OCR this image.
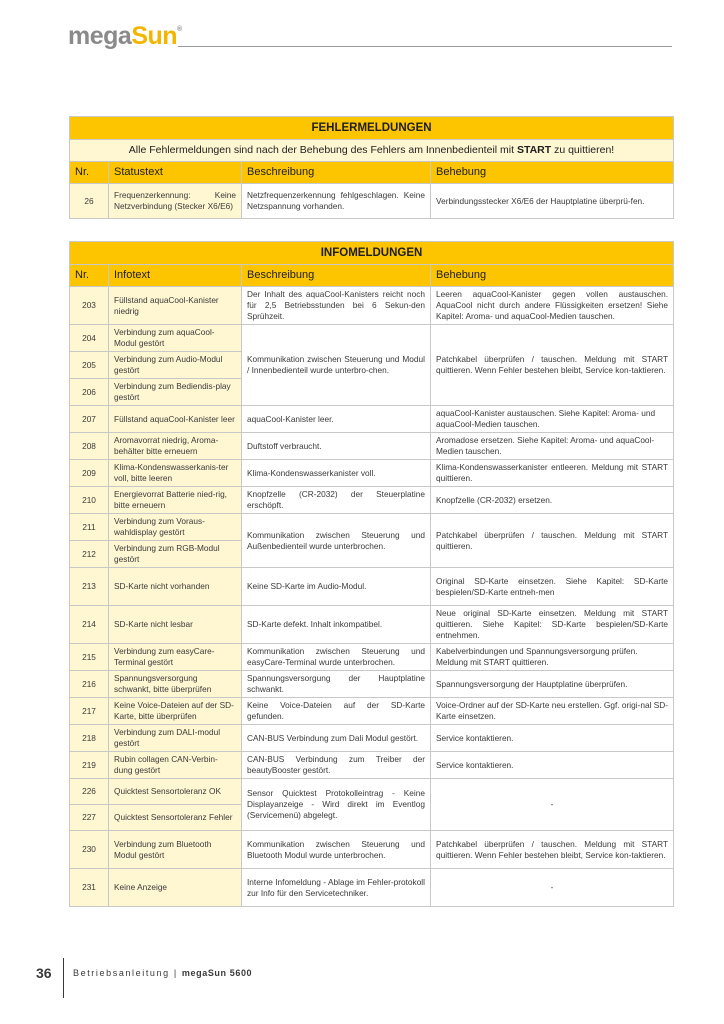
megaSun®
FEHLERMELDUNGEN			
Alle Fehlermeldungen sind nach der Behebung des Fehlers am Innenbedienteil mit START zu quittieren!			
Nr.	Statustext	Beschreibung	Behebung
26	Frequenzerkennung: Keine Netzverbindung (Stecker X6/E6)	Netzfrequenzerkennung fehlgeschlagen. Keine Netzspannung vorhanden.	Verbindungsstecker X6/E6 der Hauptplatine überprü-fen.
INFOMELDUNGEN			
Nr.	Infotext	Beschreibung	Behebung
203	Füllstand aquaCool-Kanister niedrig	Der Inhalt des aquaCool-Kanisters reicht noch für 2,5 Betriebsstunden bei 6 Sekun-den Sprühzeit.	Leeren aquaCool-Kanister gegen vollen austauschen. AquaCool nicht durch andere Flüssigkeiten ersetzen! Siehe Kapitel: Aroma- und aquaCool-Medien tauschen.
204	Verbindung zum aquaCool-Modul gestört	Kommunikation zwischen Steuerung und Modul / Innenbedienteil wurde unterbro-chen.	Patchkabel überprüfen / tauschen. Meldung mit START quittieren. Wenn Fehler bestehen bleibt, Service kon-taktieren.
205	Verbindung zum Audio-Modul gestört		
206	Verbindung zum Bediendis-play gestört		
207	Füllstand aquaCool-Kanister leer	aquaCool-Kanister leer.	aquaCool-Kanister austauschen. Siehe Kapitel: Aroma- und aquaCool-Medien tauschen.
208	Aromavorrat niedrig, Aroma-behälter bitte erneuern	Duftstoff verbraucht.	Aromadose ersetzen. Siehe Kapitel: Aroma- und aquaCool-Medien tauschen.
209	Klima-Kondenswasserkanis-ter voll, bitte leeren	Klima-Kondenswasserkanister voll.	Klima-Kondenswasserkanister entleeren. Meldung mit START quittieren.
210	Energievorrat Batterie nied-rig, bitte erneuern	Knopfzelle (CR-2032) der Steuerplatine erschöpft.	Knopfzelle (CR-2032) ersetzen.
211	Verbindung zum Voraus-wahldisplay gestört	Kommunikation zwischen Steuerung und Außenbedienteil wurde unterbrochen.	Patchkabel überprüfen / tauschen. Meldung mit START quittieren.
212	Verbindung zum RGB-Modul gestört		
213	SD-Karte nicht vorhanden	Keine SD-Karte im Audio-Modul.	Original SD-Karte einsetzen. Siehe Kapitel: SD-Karte bespielen/SD-Karte entneh-men
214	SD-Karte nicht lesbar	SD-Karte defekt. Inhalt inkompatibel.	Neue original SD-Karte einsetzen. Meldung mit START quittieren. Siehe Kapitel: SD-Karte bespielen/SD-Karte entnehmen.
215	Verbindung zum easyCare-Terminal gestört	Kommunikation zwischen Steuerung und easyCare-Terminal wurde unterbrochen.	Kabelverbindungen und Spannungsversorgung prüfen. Meldung mit START quittieren.
216	Spannungsversorgung schwankt, bitte überprüfen	Spannungsversorgung der Hauptplatine schwankt.	Spannungsversorgung der Hauptplatine überprüfen.
217	Keine Voice-Dateien auf der SD-Karte, bitte überprüfen	Keine Voice-Dateien auf der SD-Karte gefunden.	Voice-Ordner auf der SD-Karte neu erstellen. Ggf. origi-nal SD-Karte einsetzen.
218	Verbindung zum DALI-modul gestört	CAN-BUS Verbindung zum Dali Modul gestört.	Service kontaktieren.
219	Rubin collagen CAN-Verbin-dung gestört	CAN-BUS Verbindung zum Treiber der beautyBooster gestört.	Service kontaktieren.
226	Quicktest Sensortoleranz OK	Sensor Quicktest Protokolleintrag - Keine Displayanzeige - Wird direkt im Eventlog (Servicemenü) abgelegt.	-
227	Quicktest Sensortoleranz Fehler		
230	Verbindung zum Bluetooth Modul gestört	Kommunikation zwischen Steuerung und Bluetooth Modul wurde unterbrochen.	Patchkabel überprüfen / tauschen. Meldung mit START quittieren. Wenn Fehler bestehen bleibt, Service kon-taktieren.
231	Keine Anzeige	Interne Infomeldung - Ablage im Fehler-protokoll zur Info für den Servicetechniker.	-
36 Betriebsanleitung | megaSun 5600
